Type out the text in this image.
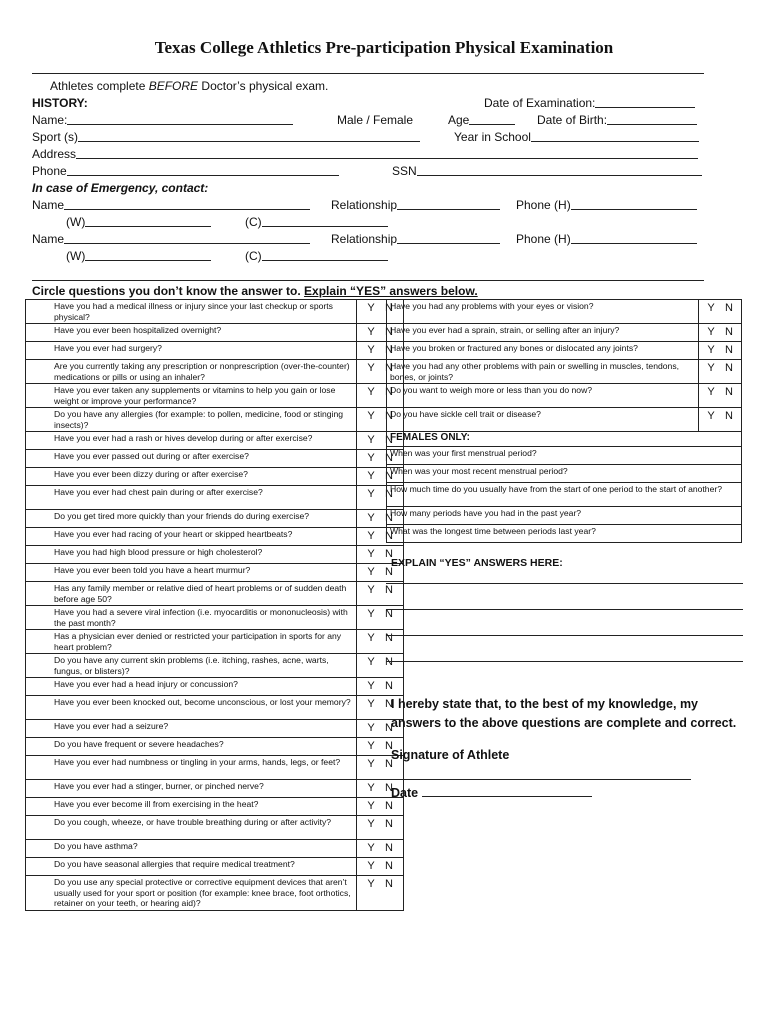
Texas College Athletics Pre-participation Physical Examination
Athletes complete BEFORE Doctor’s physical exam.
HISTORY:	Date of Examination:
Name:	Male / Female	Age	Date of Birth:
Sport (s)	Year in School
Address
Phone	SSN
In case of Emergency, contact:
Name	Relationship	Phone (H)
(W)	(C)
Name	Relationship	Phone (H)
(W)	(C)
Circle questions you don’t know the answer to. Explain “YES” answers below.
Have you had a medical illness or injury since your last checkup or sports physical?	Y N
Have you ever been hospitalized overnight?	Y N
Have you ever had surgery?	Y N
Are you currently taking any prescription or nonprescription (over-the-counter) medications or pills or using an inhaler?	Y N
Have you ever taken any supplements or vitamins to help you gain or lose weight or improve your performance?	Y N
Do you have any allergies (for example: to pollen, medicine, food or stinging insects)?	Y N
Have you ever had a rash or hives develop during or after exercise?	Y N
Have you ever passed out during or after exercise?	Y N
Have you ever been dizzy during or after exercise?	Y N
Have you ever had chest pain during or after exercise?	Y N
Do you get tired more quickly than your friends do during exercise?	Y N
Have you ever had racing of your heart or skipped heartbeats?	Y N
Have you had high blood pressure or high cholesterol?	Y N
Have you ever been told you have a heart murmur?	Y N
Has any family member or relative died of heart problems or of sudden death before age 50?	Y N
Have you had a severe viral infection (i.e. myocarditis or mononucleosis) with the past month?	Y N
Has a physician ever denied or restricted your participation in sports for any heart problem?	Y N
Do you have any current skin problems (i.e. itching, rashes, acne, warts, fungus, or blisters)?	Y N
Have you ever had a head injury or concussion?	Y N
Have you ever been knocked out, become unconscious, or lost your memory?	Y N
Have you ever had a seizure?	Y N
Do you have frequent or severe headaches?	Y N
Have you ever had numbness or tingling in your arms, hands, legs, or feet?	Y N
Have you ever had a stinger, burner, or pinched nerve?	Y N
Have you ever become ill from exercising in the heat?	Y N
Do you cough, wheeze, or have trouble breathing during or after activity?	Y N
Do you have asthma?	Y N
Do you have seasonal allergies that require medical treatment?	Y N
Do you use any special protective or corrective equipment devices that aren’t usually used for your sport or position (for example: knee brace, foot orthotics, retainer on your teeth, or hearing aid)?	Y N
Have you had any problems with your eyes or vision?	Y N
Have you ever had a sprain, strain, or selling after an injury?	Y N
Have you broken or fractured any bones or dislocated any joints?	Y N
Have you had any other problems with pain or swelling in muscles, tendons, bones, or joints?	Y N
Do you want to weigh more or less than you do now?	Y N
Do you have sickle cell trait or disease?	Y N
FEMALES ONLY:	
When was your first menstrual period?	
When was your most recent menstrual period?	
How much time do you usually have from the start of one period to the start of another?	
How many periods have you had in the past year?	
What was the longest time between periods last year?	
EXPLAIN “YES” ANSWERS HERE:
I hereby state that, to the best of my knowledge, my answers to the above questions are complete and correct.
Signature of Athlete
Date
